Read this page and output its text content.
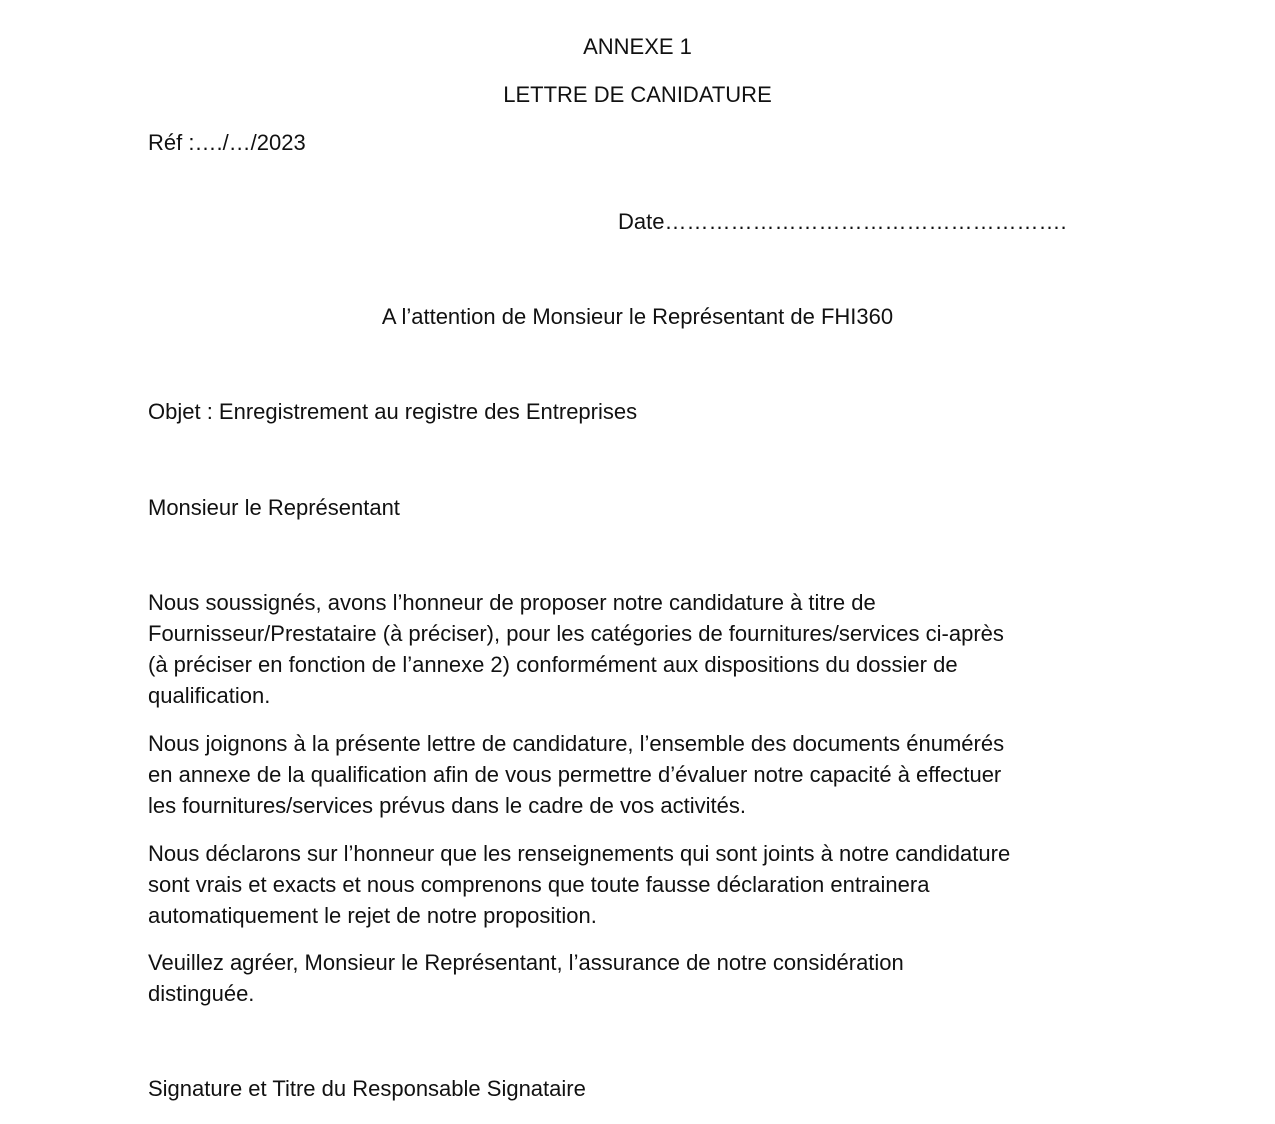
ANNEXE 1
LETTRE DE CANIDATURE
Réf :…./…/2023
Date……………………………………………….
A l’attention de Monsieur le Représentant de FHI360
Objet : Enregistrement au registre des Entreprises
Monsieur le Représentant
Nous soussignés, avons l’honneur de proposer notre candidature à titre de
Fournisseur/Prestataire (à préciser), pour les catégories de fournitures/services ci-après
(à préciser en fonction de l’annexe 2) conformément aux dispositions du dossier de
qualification.
Nous joignons à la présente lettre de candidature, l’ensemble des documents énumérés
en annexe de la qualification afin de vous permettre d’évaluer notre capacité à effectuer
les fournitures/services prévus dans le cadre de vos activités.
Nous déclarons sur l’honneur que les renseignements qui sont joints à notre candidature
sont vrais et exacts et nous comprenons que toute fausse déclaration entrainera
automatiquement le rejet de notre proposition.
Veuillez agréer, Monsieur le Représentant, l’assurance de notre considération
distinguée.
Signature et Titre du Responsable Signataire
